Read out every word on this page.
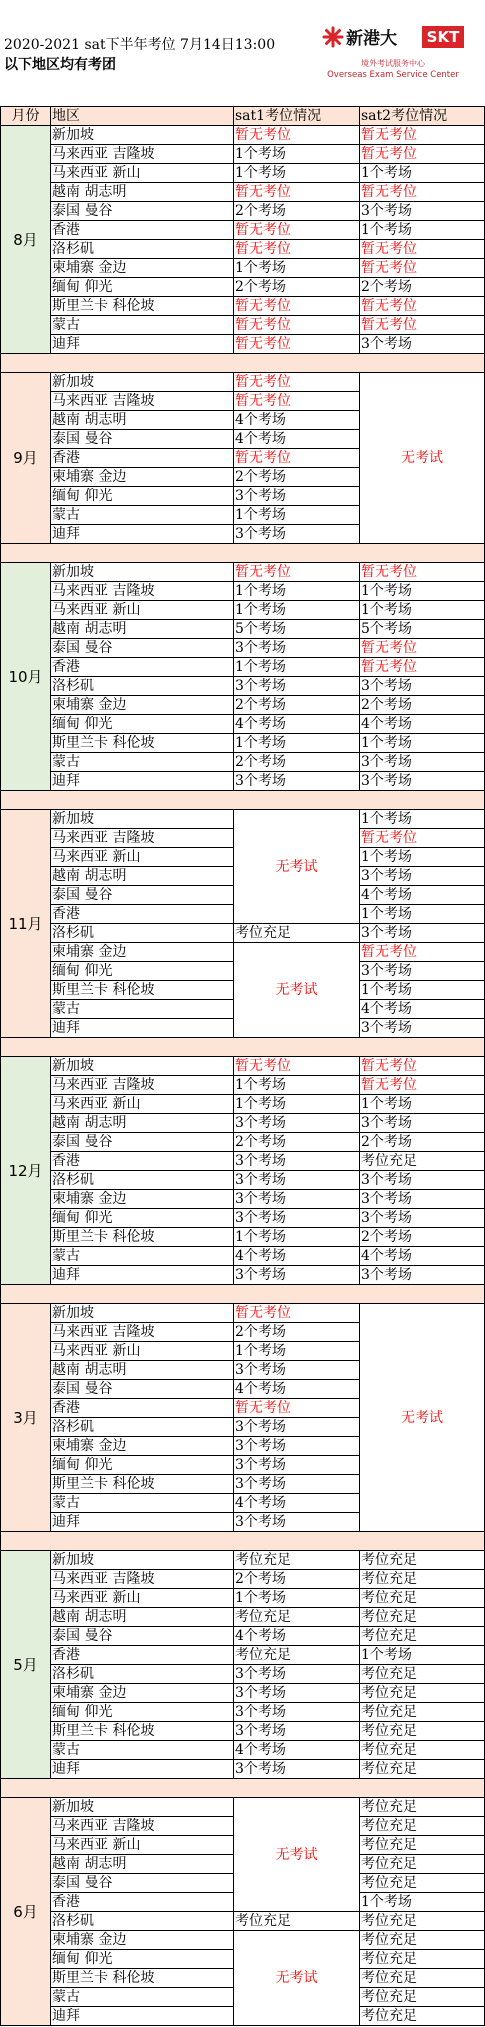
2020-2021 sat下半年考位 7月14日13:00
以下地区均有考团
新港大	SKT
境外考试服务中心
Overseas Exam Service Center
月份	地区	sat1考位情况	sat2考位情况
8月	新加坡	暂无考位	暂无考位
	马来西亚 吉隆坡	1个考场	暂无考位
	马来西亚 新山	1个考场	1个考场
	越南 胡志明	暂无考位	暂无考位
	泰国 曼谷	2个考场	3个考场
	香港	暂无考位	1个考场
	洛杉矶	暂无考位	暂无考位
	柬埔寨 金边	1个考场	暂无考位
	缅甸 仰光	2个考场	2个考场
	斯里兰卡 科伦坡	暂无考位	暂无考位
	蒙古	暂无考位	暂无考位
	迪拜	暂无考位	3个考场

9月	新加坡	暂无考位	无考试
	马来西亚 吉隆坡	暂无考位	
	越南 胡志明	4个考场	
	泰国 曼谷	4个考场	
	香港	暂无考位	
	柬埔寨 金边	2个考场	
	缅甸 仰光	3个考场	
	蒙古	1个考场	
	迪拜	3个考场	

10月	新加坡	暂无考位	暂无考位
	马来西亚 吉隆坡	1个考场	1个考场
	马来西亚 新山	1个考场	1个考场
	越南 胡志明	5个考场	5个考场
	泰国 曼谷	3个考场	暂无考位
	香港	1个考场	暂无考位
	洛杉矶	3个考场	3个考场
	柬埔寨 金边	2个考场	2个考场
	缅甸 仰光	4个考场	4个考场
	斯里兰卡 科伦坡	1个考场	1个考场
	蒙古	2个考场	3个考场
	迪拜	3个考场	3个考场

11月	新加坡	无考试	1个考场
	马来西亚 吉隆坡		暂无考位
	马来西亚 新山		1个考场
	越南 胡志明		3个考场
	泰国 曼谷		4个考场
	香港		1个考场
	洛杉矶	考位充足	3个考场
	柬埔寨 金边	无考试	暂无考位
	缅甸 仰光		3个考场
	斯里兰卡 科伦坡		1个考场
	蒙古		4个考场
	迪拜		3个考场

12月	新加坡	暂无考位	暂无考位
	马来西亚 吉隆坡	1个考场	暂无考位
	马来西亚 新山	1个考场	1个考场
	越南 胡志明	3个考场	3个考场
	泰国 曼谷	2个考场	2个考场
	香港	3个考场	考位充足
	洛杉矶	3个考场	3个考场
	柬埔寨 金边	3个考场	3个考场
	缅甸 仰光	3个考场	3个考场
	斯里兰卡 科伦坡	1个考场	2个考场
	蒙古	4个考场	4个考场
	迪拜	3个考场	3个考场

3月	新加坡	暂无考位	无考试
	马来西亚 吉隆坡	2个考场	
	马来西亚 新山	1个考场	
	越南 胡志明	3个考场	
	泰国 曼谷	4个考场	
	香港	暂无考位	
	洛杉矶	3个考场	
	柬埔寨 金边	3个考场	
	缅甸 仰光	3个考场	
	斯里兰卡 科伦坡	3个考场	
	蒙古	4个考场	
	迪拜	3个考场	

5月	新加坡	考位充足	考位充足
	马来西亚 吉隆坡	2个考场	考位充足
	马来西亚 新山	1个考场	考位充足
	越南 胡志明	考位充足	考位充足
	泰国 曼谷	4个考场	考位充足
	香港	考位充足	1个考场
	洛杉矶	3个考场	考位充足
	柬埔寨 金边	3个考场	考位充足
	缅甸 仰光	3个考场	考位充足
	斯里兰卡 科伦坡	3个考场	考位充足
	蒙古	4个考场	考位充足
	迪拜	3个考场	考位充足

6月	新加坡	无考试	考位充足
	马来西亚 吉隆坡		考位充足
	马来西亚 新山		考位充足
	越南 胡志明		考位充足
	泰国 曼谷		考位充足
	香港		1个考场
	洛杉矶	考位充足	考位充足
	柬埔寨 金边	无考试	考位充足
	缅甸 仰光		考位充足
	斯里兰卡 科伦坡		考位充足
	蒙古		考位充足
	迪拜		考位充足
